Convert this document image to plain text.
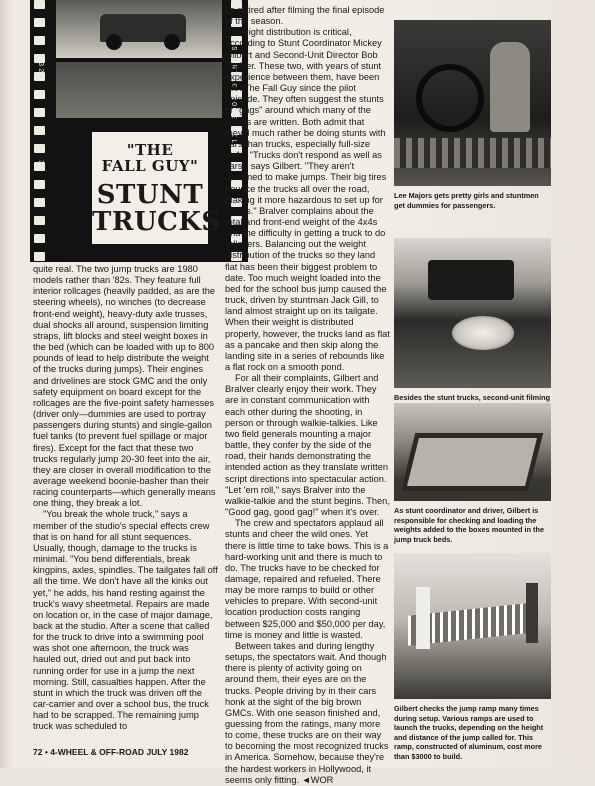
32A	ES ENTACHROME FILM
33
"THE
FALL GUY"
STUNT
TRUCKS

quite real. The two jump trucks are 1980 models rather than '82s. They feature full interior rollcages (heavily padded, as are the steering wheels), no winches (to decrease front-end weight), heavy-duty axle trusses, dual shocks all around, suspension limiting straps, lift blocks and steel weight boxes in the bed (which can be loaded with up to 800 pounds of lead to help distribute the weight of the trucks during jumps). Their engines and drivelines are stock GMC and the only safety equipment on board except for the rollcages are the five-point safety harnesses (driver only—dummies are used to portray passengers during stunts) and single-gallon fuel tanks (to prevent fuel spillage or major fires). Except for the fact that these two trucks regularly jump 20-30 feet into the air, they are closer in overall modification to the average weekend boonie-basher than their racing counterparts—which generally means one thing, they break a lot.

"You break the whole truck," says a member of the studio's special effects crew that is on hand for all stunt sequences. Usually, though, damage to the trucks is minimal. "You bend differentials, break kingpins, axles, spindles. The tailgates fall off all the time. We don't have all the kinks out yet," he adds, his hand resting against the truck's wavy sheetmetal. Repairs are made on location or, in the case of major damage, back at the studio. After a scene that called for the truck to drive into a swimming pool was shot one afternoon, the truck was hauled out, dried out and put back into running order for use in a jump the next morning. Still, casualties happen. After the stunt in which the truck was driven off the car-carrier and over a school bus, the truck had to be scrapped. The remaining jump truck was scheduled to

be retired after filming the final episode of the season.

Weight distribution is critical, according to Stunt Coordinator Mickey Gilbert and Second-Unit Director Bob Bralver. These two, with years of stunt experience between them, have been with The Fall Guy since the pilot episode. They often suggest the stunts or "gags" around which many of the shows are written. Both admit that they'd much rather be doing stunts with cars than trucks, especially full-size 4x4s. "Trucks don't respond as well as cars," says Gilbert. "They aren't designed to make jumps. Their big tires bounce the trucks all over the road, making it more hazardous to set up for ramps." Bralver complains about the total and front-end weight of the 4x4s and the difficulty in getting a truck to do rollovers. Balancing out the weight distribution of the trucks so they land flat has been their biggest problem to date. Too much weight loaded into the bed for the school bus jump caused the truck, driven by stuntman Jack Gill, to land almost straight up on its tailgate. When their weight is distributed properly, however, the trucks land as flat as a pancake and then skip along the landing site in a series of rebounds like a flat rock on a smooth pond.

For all their complaints, Gilbert and Bralver clearly enjoy their work. They are in constant communication with each other during the shooting, in person or through walkie-talkies. Like two field generals mounting a major battle, they confer by the side of the road, their hands demonstrating the intended action as they translate written script directions into spectacular action. "Let 'em roll," says Bralver into the walkie-talkie and the stunt begins. Then, "Good gag, good gag!" when it's over.

The crew and spectators applaud all stunts and cheer the wild ones. Yet there is little time to take bows. This is a hard-working unit and there is much to do. The trucks have to be checked for damage, repaired and refueled. There may be more ramps to build or other vehicles to prepare. With second-unit location production costs ranging between $25,000 and $50,000 per day, time is money and little is wasted.

Between takes and during lengthy setups, the spectators wait. And though there is plenty of activity going on around them, their eyes are on the trucks. People driving by in their cars honk at the sight of the big brown GMCs. With one season finished and, guessing from the ratings, many more to come, these trucks are on their way to becoming the most recognized trucks in America. Somehow, because they're the hardest workers in Hollywood, it seems only fitting. ◄WOR

Lee Majors gets pretty girls and stuntmen get dummies for passengers.
Besides the stunt trucks, second-unit filming
As stunt coordinator and driver, Gilbert is responsible for checking and loading the weights added to the boxes mounted in the jump truck beds.
Gilbert checks the jump ramp many times during setup. Various ramps are used to launch the trucks, depending on the height and distance of the jump called for. This ramp, constructed of aluminum, cost more than $3000 to build.
72 • 4-WHEEL & OFF-ROAD JULY 1982
